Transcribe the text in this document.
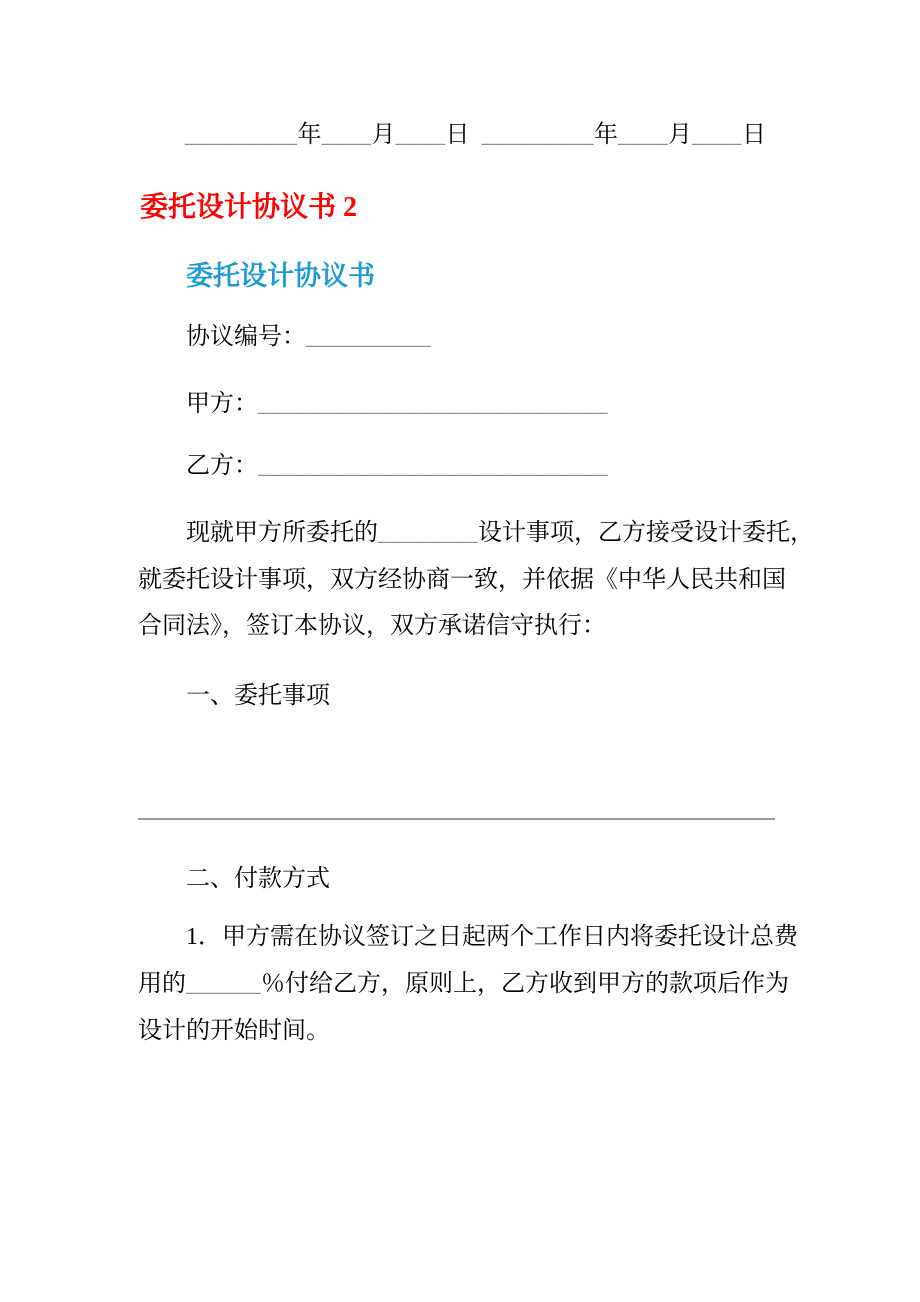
_________年____月____日 _________年____月____日
委托设计协议书 2
委托设计协议书
协议编号：__________
甲方：____________________________
乙方：____________________________
现就甲方所委托的________设计事项，乙方接受设计委托，
就委托设计事项，双方经协商一致，并依据《中华人民共和国
合同法》，签订本协议，双方承诺信守执行：
一、委托事项
二、付款方式
1．甲方需在协议签订之日起两个工作日内将委托设计总费
用的______％付给乙方，原则上，乙方收到甲方的款项后作为
设计的开始时间。
